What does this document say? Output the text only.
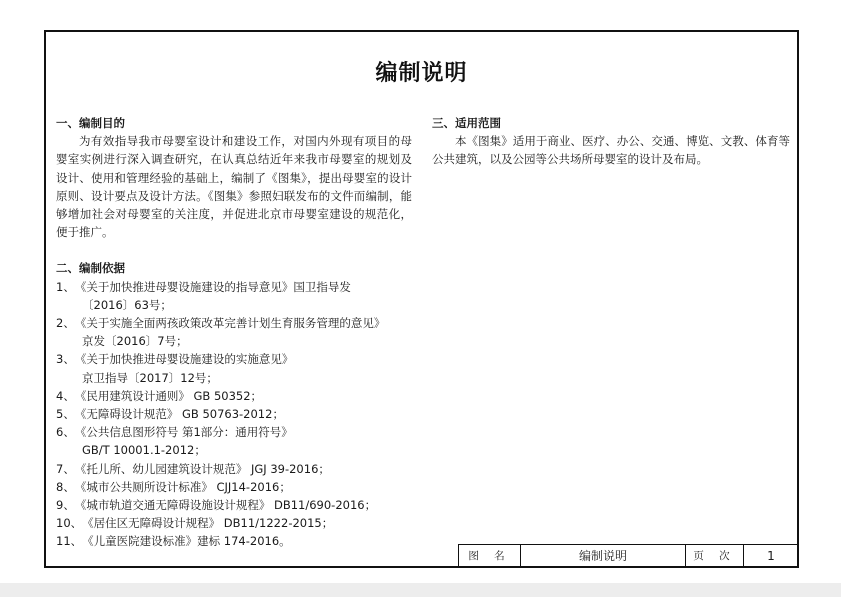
编制说明
一、编制目的

为有效指导我市母婴室设计和建设工作，对国内外现有项目的母婴室实例进行深入调查研究，在认真总结近年来我市母婴室的规划及设计、使用和管理经验的基础上，编制了《图集》，提出母婴室的设计原则、设计要点及设计方法。《图集》参照妇联发布的文件而编制，能够增加社会对母婴室的关注度，并促进北京市母婴室建设的规范化，便于推广。

二、编制依据
1、 《关于加快推进母婴设施建设的指导意见》国卫指导发
〔2016〕63号；
2、 《关于实施全面两孩政策改革完善计划生育服务管理的意见》
京发〔2016〕7号；
3、 《关于加快推进母婴设施建设的实施意见》
京卫指导〔2017〕12号；
4、 《民用建筑设计通则》 GB 50352；
5、 《无障碍设计规范》 GB 50763-2012；
6、 《公共信息图形符号 第1部分：通用符号》
GB/T 10001.1-2012；
7、 《托儿所、幼儿园建筑设计规范》 JGJ 39-2016；
8、 《城市公共厕所设计标准》 CJJ14-2016；
9、 《城市轨道交通无障碍设施设计规程》 DB11/690-2016；
10、 《居住区无障碍设计规程》 DB11/1222-2015；
11、 《儿童医院建设标准》建标 174-2016。
三、适用范围

本《图集》适用于商业、医疗、办公、交通、博览、文教、体育等公共建筑，以及公园等公共场所母婴室的设计及布局。

图 名	编制说明	页 次	1
